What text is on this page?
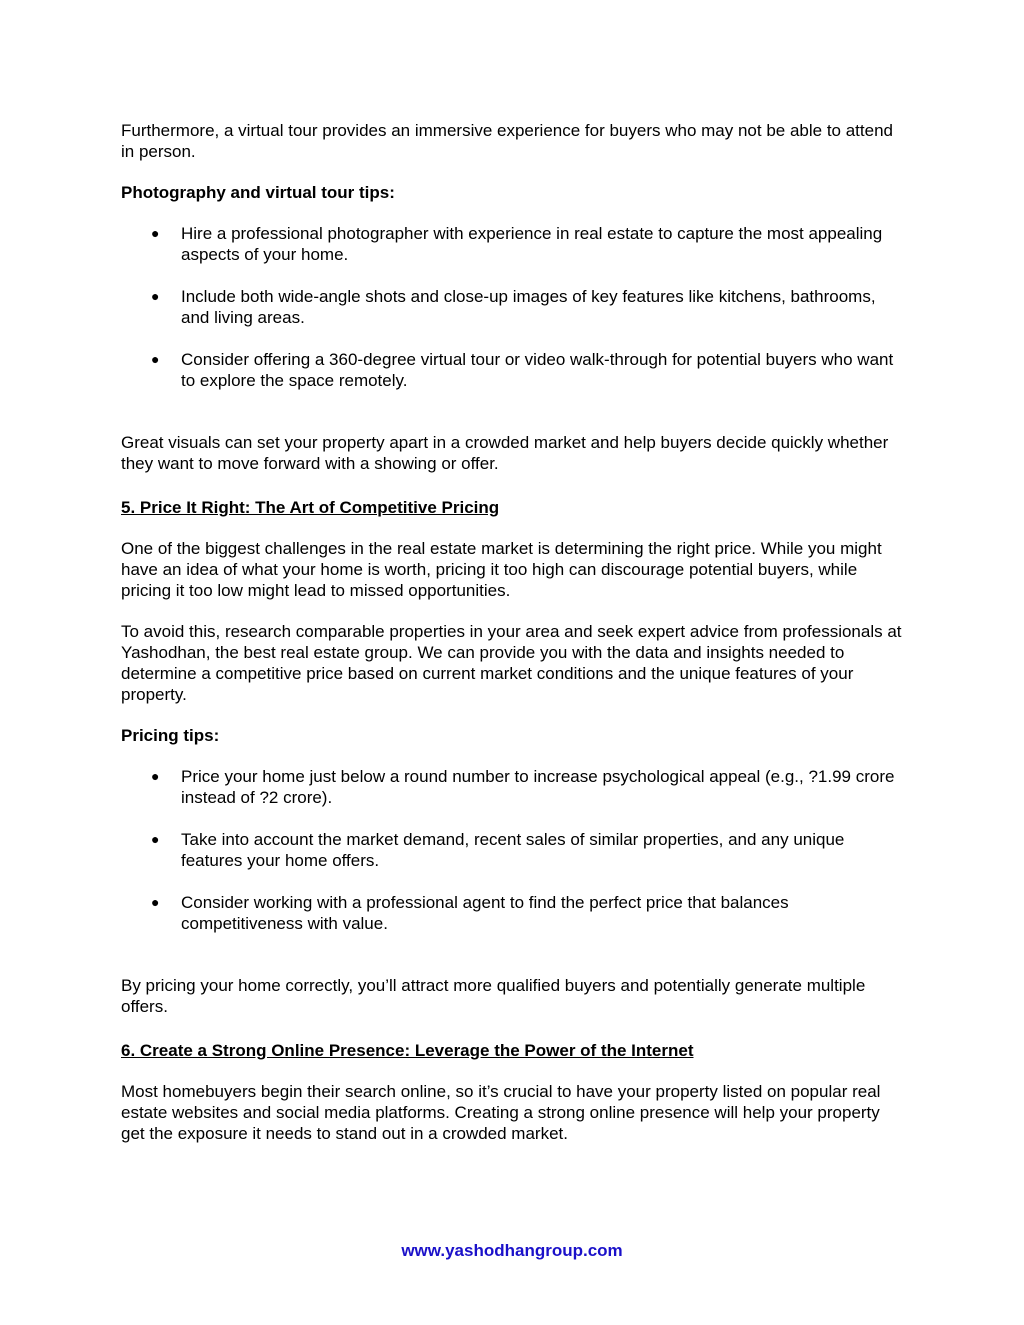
Furthermore, a virtual tour provides an immersive experience for buyers who may not be able to attend in person.

Photography and virtual tour tips:

● Hire a professional photographer with experience in real estate to capture the most appealing aspects of your home.
● Include both wide-angle shots and close-up images of key features like kitchens, bathrooms, and living areas.
● Consider offering a 360-degree virtual tour or video walk-through for potential buyers who want to explore the space remotely.

Great visuals can set your property apart in a crowded market and help buyers decide quickly whether they want to move forward with a showing or offer.

5. Price It Right: The Art of Competitive Pricing

One of the biggest challenges in the real estate market is determining the right price. While you might have an idea of what your home is worth, pricing it too high can discourage potential buyers, while pricing it too low might lead to missed opportunities.

To avoid this, research comparable properties in your area and seek expert advice from professionals at Yashodhan, the best real estate group. We can provide you with the data and insights needed to determine a competitive price based on current market conditions and the unique features of your property.

Pricing tips:

● Price your home just below a round number to increase psychological appeal (e.g., ?1.99 crore instead of ?2 crore).
● Take into account the market demand, recent sales of similar properties, and any unique features your home offers.
● Consider working with a professional agent to find the perfect price that balances competitiveness with value.

By pricing your home correctly, you’ll attract more qualified buyers and potentially generate multiple offers.

6. Create a Strong Online Presence: Leverage the Power of the Internet

Most homebuyers begin their search online, so it’s crucial to have your property listed on popular real estate websites and social media platforms. Creating a strong online presence will help your property get the exposure it needs to stand out in a crowded market.

www.yashodhangroup.com
